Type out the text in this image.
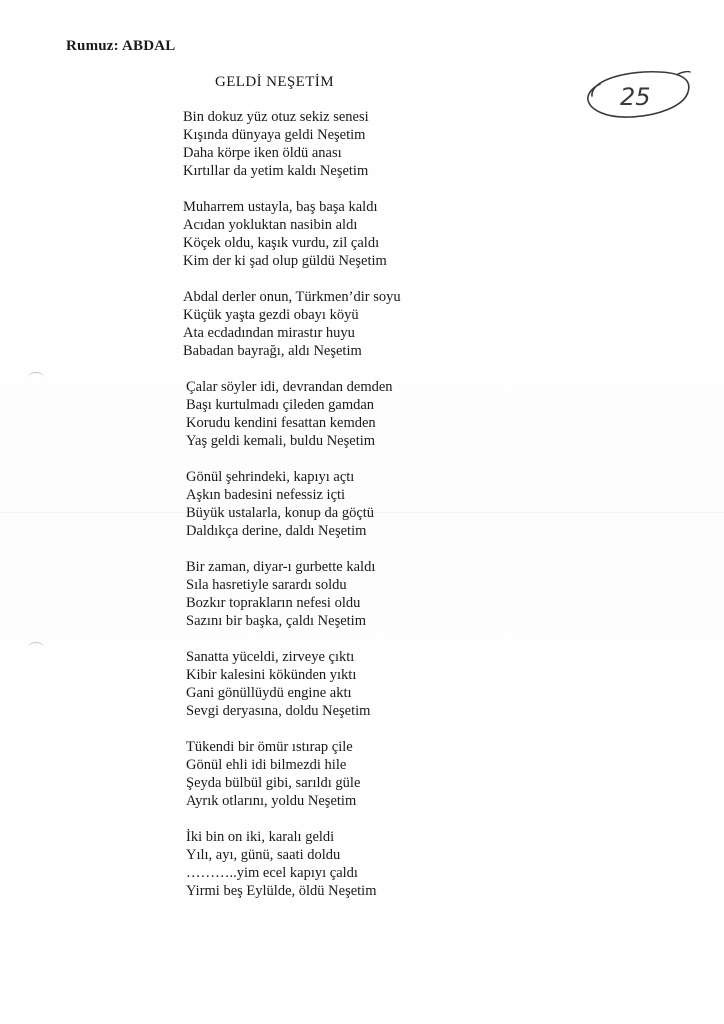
Rumuz: ABDAL
GELDİ NEŞETİM
25
Bin dokuz yüz otuz sekiz senesi
Kışında dünyaya geldi Neşetim
Daha körpe iken öldü anası
Kırtıllar da yetim kaldı Neşetim
Muharrem ustayla, baş başa kaldı
Acıdan yokluktan nasibin aldı
Köçek oldu, kaşık vurdu, zil çaldı
Kim der ki şad olup güldü Neşetim
Abdal derler onun, Türkmen’dir soyu
Küçük yaşta gezdi obayı köyü
Ata ecdadından mirastır huyu
Babadan bayrağı, aldı Neşetim
Çalar söyler idi, devrandan demden
Başı kurtulmadı çileden gamdan
Korudu kendini fesattan kemden
Yaş geldi kemali, buldu Neşetim
Gönül şehrindeki, kapıyı açtı
Aşkın badesini nefessiz içti
Büyük ustalarla, konup da göçtü
Daldıkça derine, daldı Neşetim
Bir zaman, diyar-ı gurbette kaldı
Sıla hasretiyle sarardı soldu
Bozkır toprakların nefesi oldu
Sazını bir başka, çaldı Neşetim
Sanatta yüceldi, zirveye çıktı
Kibir kalesini kökünden yıktı
Gani gönüllüydü engine aktı
Sevgi deryasına, doldu Neşetim
Tükendi bir ömür ıstırap çile
Gönül ehli idi bilmezdi hile
Şeyda bülbül gibi, sarıldı güle
Ayrık otlarını, yoldu Neşetim
İki bin on iki, karalı geldi
Yılı, ayı, günü, saati doldu
………..yim ecel kapıyı çaldı
Yirmi beş Eylülde, öldü Neşetim
